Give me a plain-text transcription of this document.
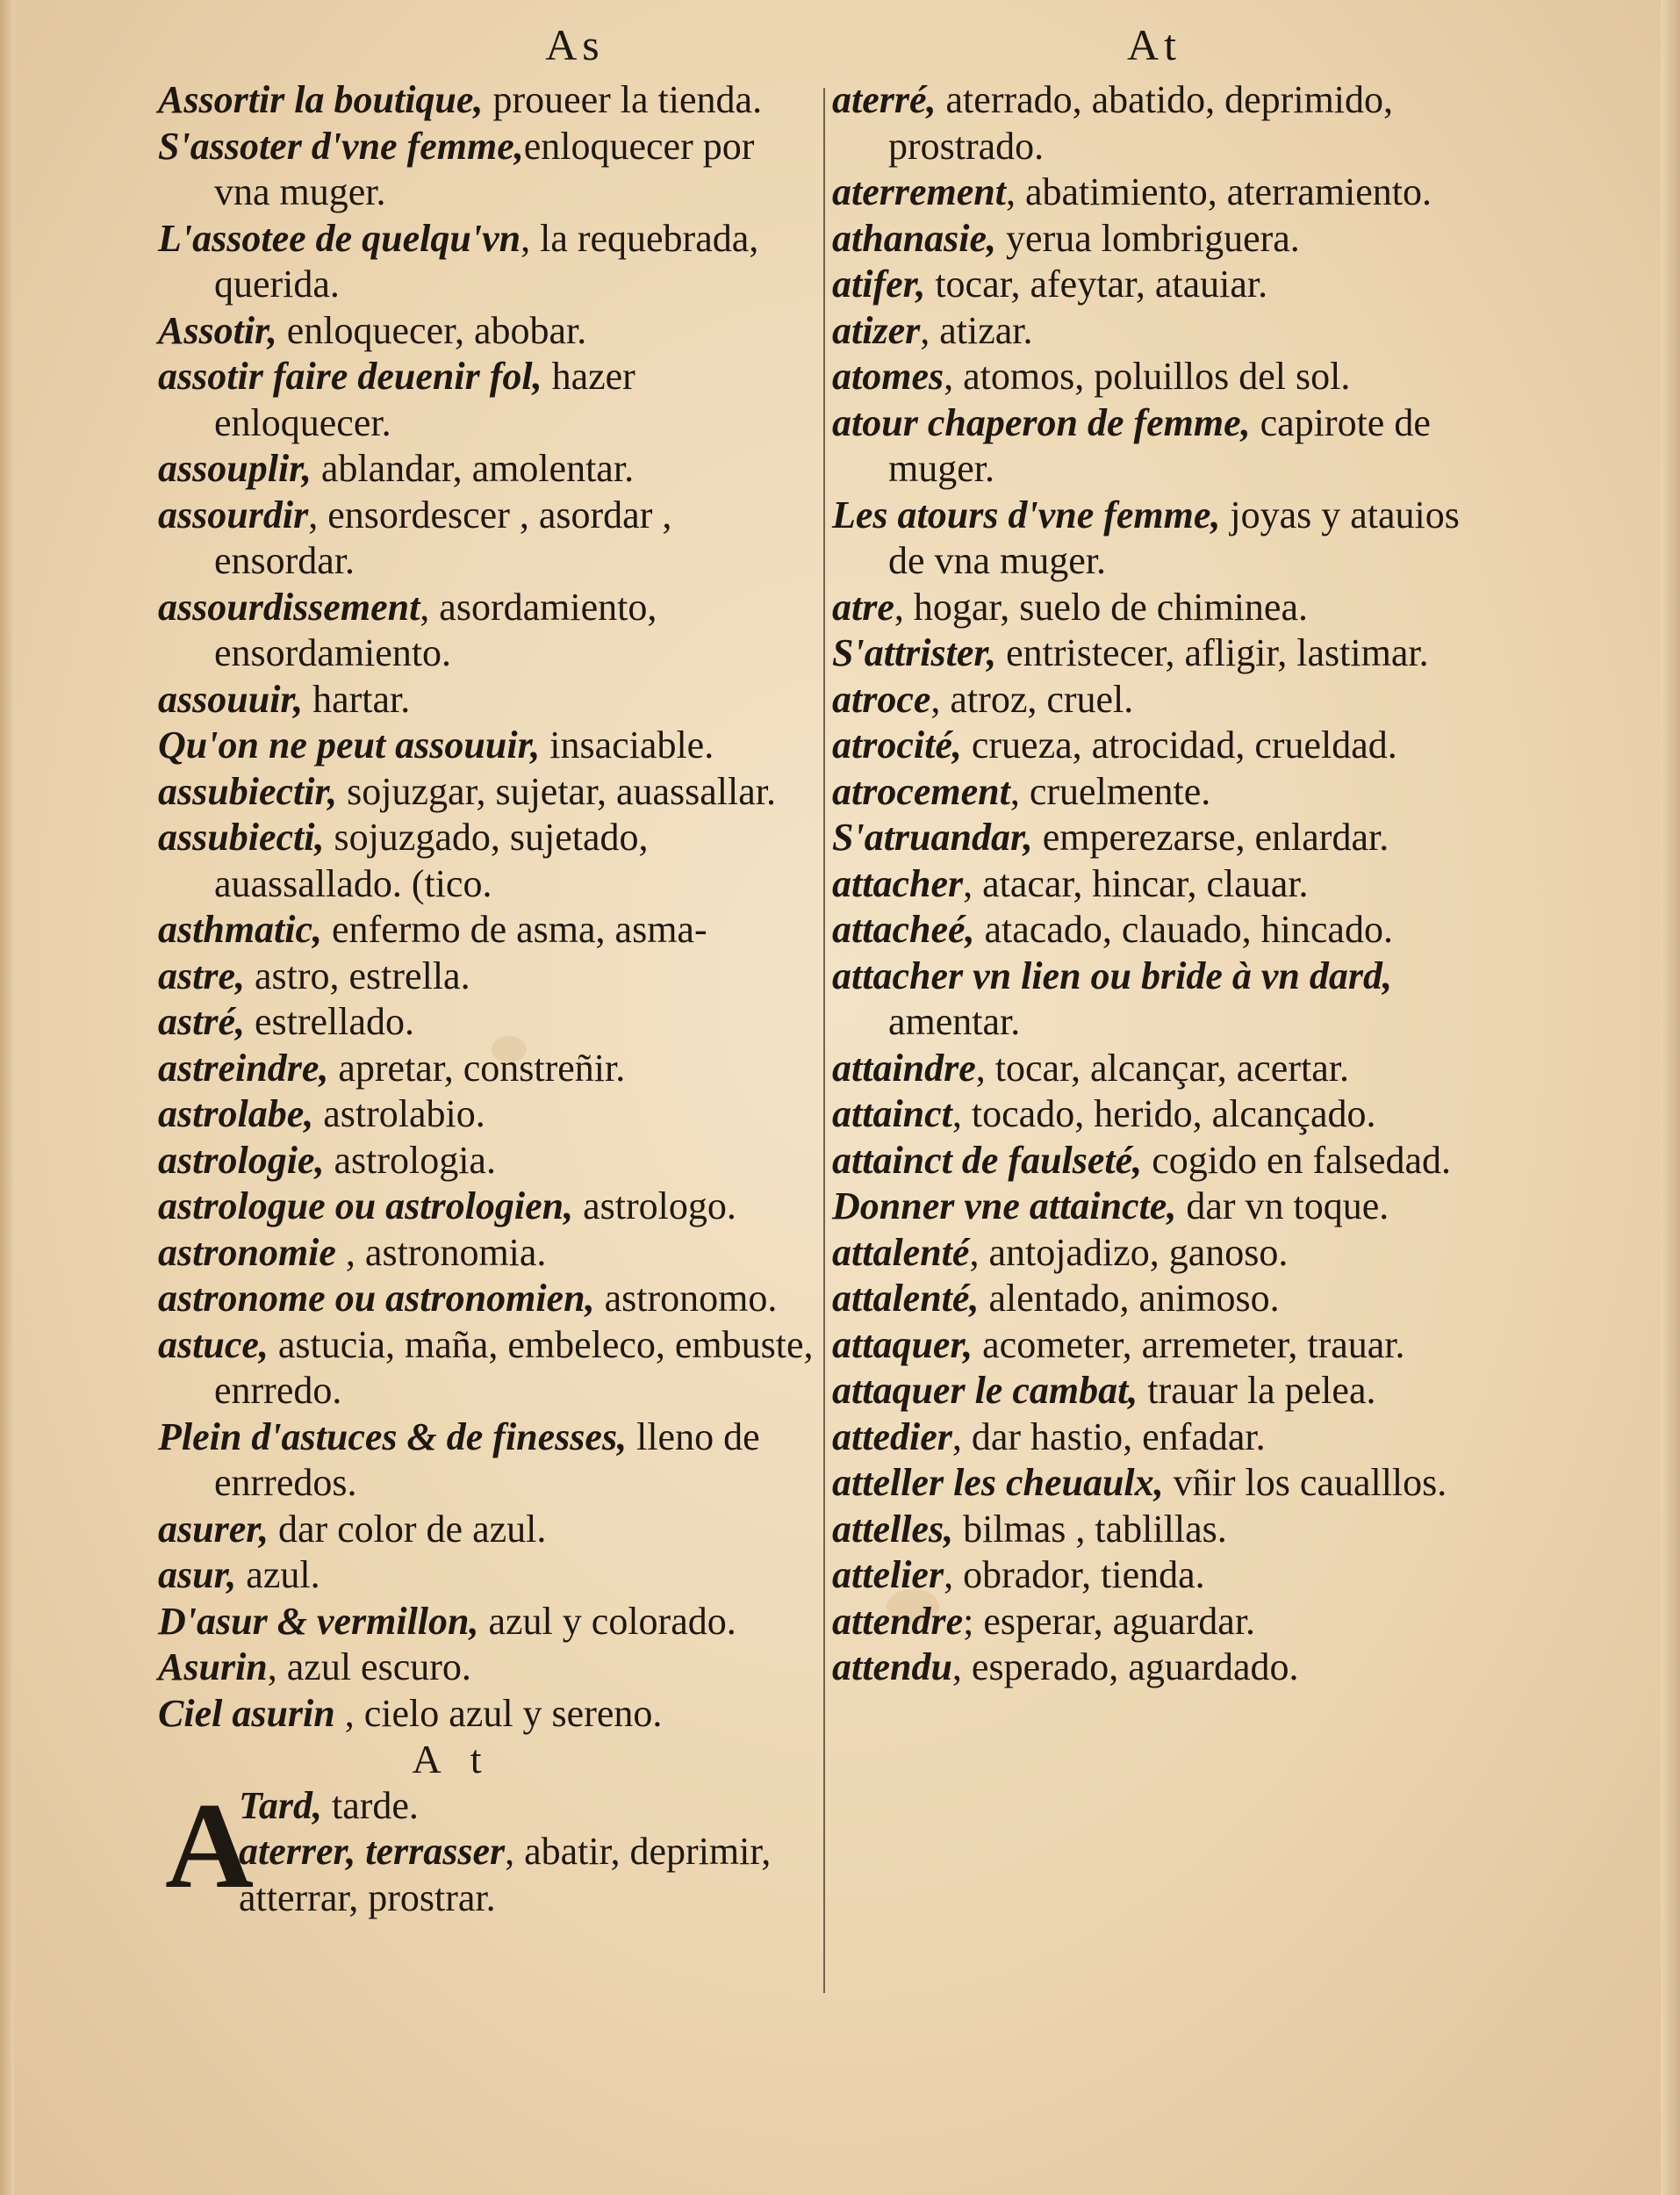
As	At
Assortir la boutique, proueer la tienda.
S'assoter d'vne femme,enloquecer por vna muger.
L'assotee de quelqu'vn, la requebrada, querida.
Assotir, enloquecer, abobar.
assotir faire deuenir fol, hazer enloquecer.
assouplir, ablandar, amolentar.
assourdir, ensordescer , asordar , ensordar.
assourdissement, asordamiento, ensordamiento.
assouuir, hartar.
Qu'on ne peut assouuir, insaciable.
assubiectir, sojuzgar, sujetar, auassallar.
assubiecti, sojuzgado, sujetado, auassallado. (tico.
asthmatic, enfermo de asma, asma-
astre, astro, estrella.
astré, estrellado.
astreindre, apretar, constreñir.
astrolabe, astrolabio.
astrologie, astrologia.
astrologue ou astrologien, astrologo.
astronomie , astronomia.
astronome ou astronomien, astronomo.
astuce, astucia, maña, embeleco, embuste, enrredo.
Plein d'astuces & de finesses, lleno de enrredos.
asurer, dar color de azul.
asur, azul.
D'asur & vermillon, azul y colorado.
Asurin, azul escuro.
Ciel asurin , cielo azul y sereno.
A t
A
Tard, tarde.
aterrer, terrasser, abatir, deprimir, atterrar, prostrar.
aterré, aterrado, abatido, deprimido, prostrado.
aterrement, abatimiento, aterramiento.
athanasie, yerua lombriguera.
atifer, tocar, afeytar, atauiar.
atizer, atizar.
atomes, atomos, poluillos del sol.
atour chaperon de femme, capirote de muger.
Les atours d'vne femme, joyas y atauios de vna muger.
atre, hogar, suelo de chiminea.
S'attrister, entristecer, afligir, lastimar.
atroce, atroz, cruel.
atrocité, crueza, atrocidad, crueldad.
atrocement, cruelmente.
S'atruandar, emperezarse, enlardar.
attacher, atacar, hincar, clauar.
attacheé, atacado, clauado, hincado.
attacher vn lien ou bride à vn dard, amentar.
attaindre, tocar, alcançar, acertar.
attainct, tocado, herido, alcançado.
attainct de faulseté, cogido en falsedad.
Donner vne attaincte, dar vn toque.
attalenté, antojadizo, ganoso.
attalenté, alentado, animoso.
attaquer, acometer, arremeter, trauar.
attaquer le cambat, trauar la pelea.
attedier, dar hastio, enfadar.
atteller les cheuaulx, vñir los caualllos.
attelles, bilmas , tablillas.
attelier, obrador, tienda.
attendre; esperar, aguardar.
attendu, esperado, aguardado.
